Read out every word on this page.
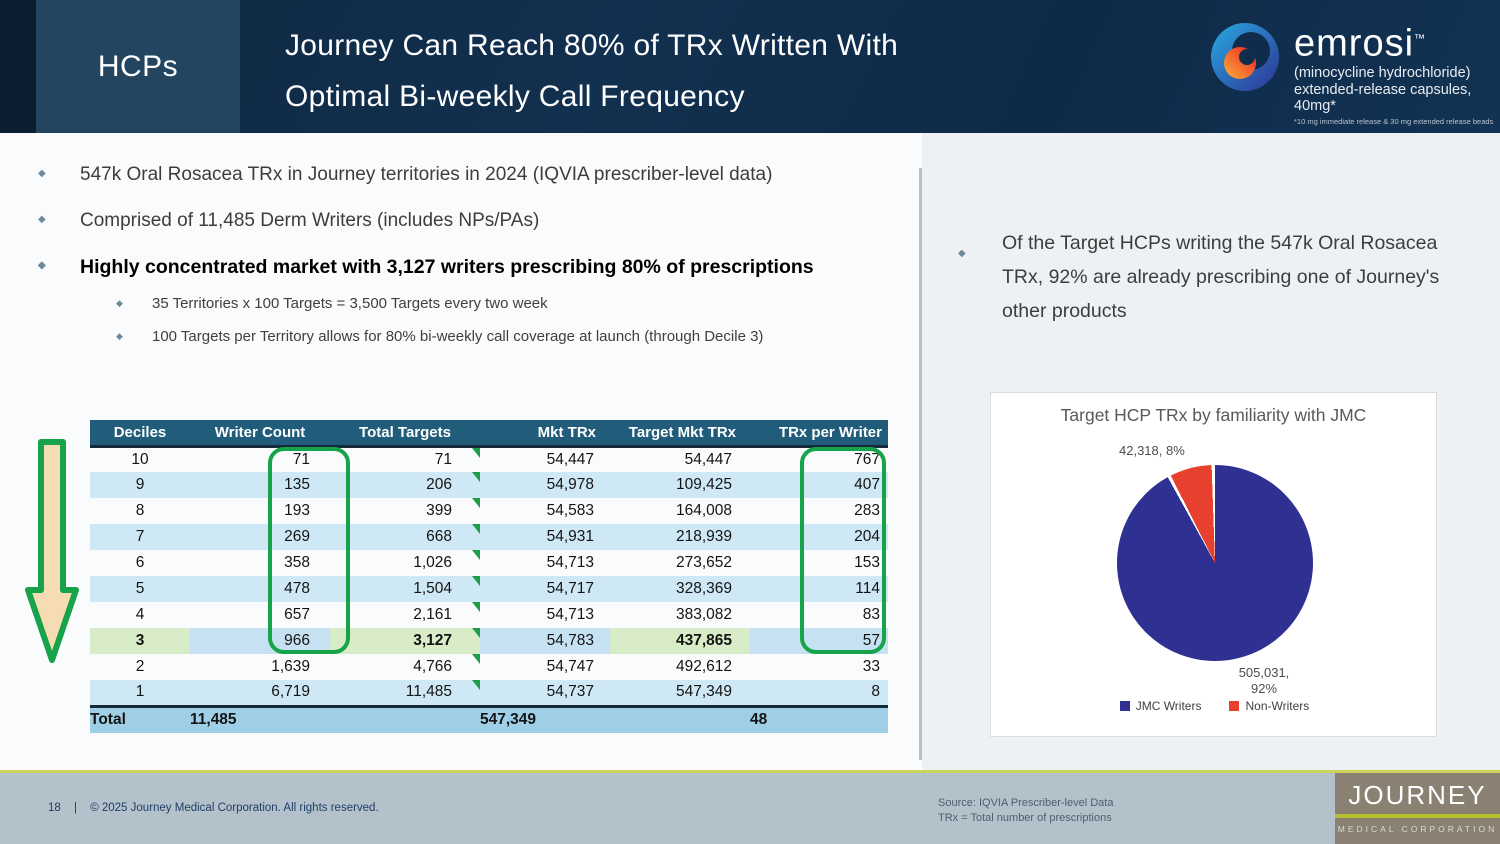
HCPs
Journey Can Reach 80% of TRx Written With
Optimal Bi-weekly Call Frequency
emrosi™
(minocycline hydrochloride)
extended-release capsules, 40mg*
*10 mg immediate release & 30 mg extended release beads
◆ 547k Oral Rosacea TRx in Journey territories in 2024 (IQVIA prescriber-level data)
◆ Comprised of 11,485 Derm Writers (includes NPs/PAs)
◆ Highly concentrated market with 3,127 writers prescribing 80% of prescriptions
◆ 35 Territories x 100 Targets = 3,500 Targets every two week
◆ 100 Targets per Territory allows for 80% bi-weekly call coverage at launch (through Decile 3)
Deciles	Writer Count	Total Targets	Mkt TRx	Target Mkt TRx	TRx per Writer
10	71	71	54,447	54,447	767
9	135	206	54,978	109,425	407
8	193	399	54,583	164,008	283
7	269	668	54,931	218,939	204
6	358	1,026	54,713	273,652	153
5	478	1,504	54,717	328,369	114
4	657	2,161	54,713	383,082	83
3	966	3,127	54,783	437,865	57
2	1,639	4,766	54,747	492,612	33
1	6,719	11,485	54,737	547,349	8
Total	11,485		547,349		48
◆ Of the Target HCPs writing the 547k Oral Rosacea TRx, 92% are already prescribing one of Journey's other products
Target HCP TRx by familiarity with JMC
42,318, 8%
505,031,
92%
JMC Writers	Non-Writers
18 | © 2025 Journey Medical Corporation. All rights reserved.	Source: IQVIA Prescriber-level Data
TRx = Total number of prescriptions
JOURNEY
MEDICAL CORPORATION
